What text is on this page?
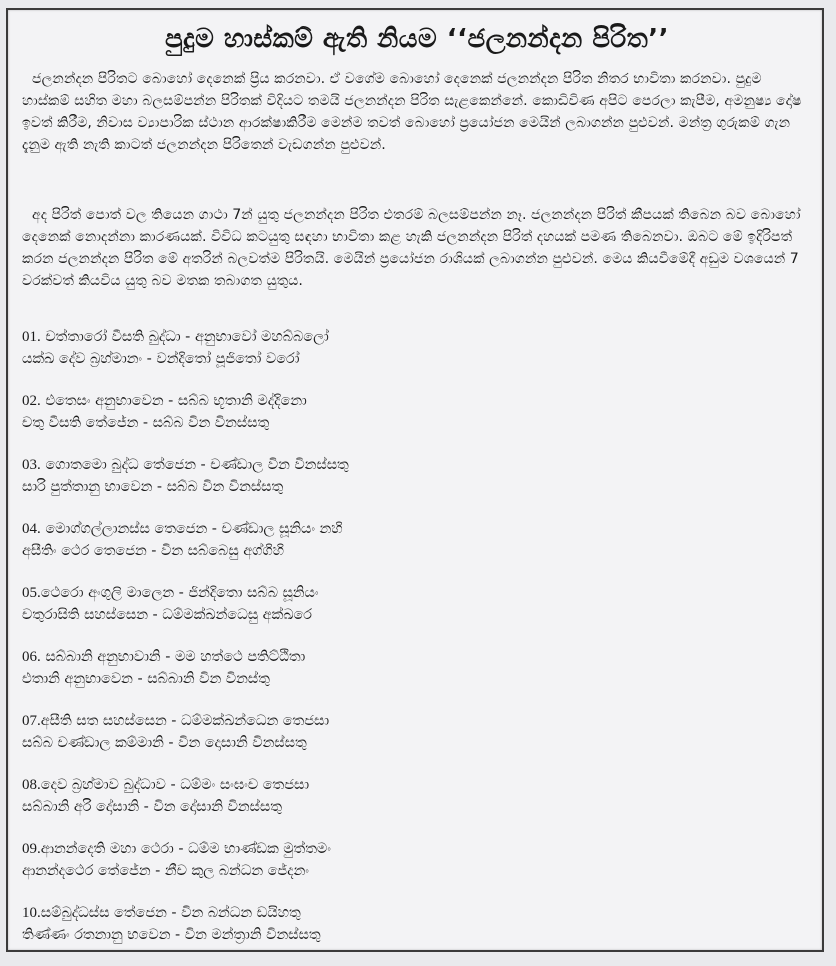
පුදුම හාස්කම් ඇති නියම ‘‘ජලනන්දන පිරිත’’
ජලනන්දන පිරිතට බොහෝ දෙනෙක් ප්‍රිය කරනවා. ඒ වගේම බොහෝ දෙනෙක් ජලනන්දන පිරිත නිතර භාවිතා කරනවා. පුදුම හාස්කම් සහිත මහා බලසම්පන්න පිරිතක් විදියට තමයි ජලනන්දන පිරිත සැළකෙන්නේ. කොඩිවිණ අපිට පෙරලා කැපීම, අමනුෂ්‍ය දෝෂ ඉවත් කිරීම, නිවාස ව්‍යාපාරික ස්ථාන ආරක්ෂාකිරීම මෙන්ම තවත් බොහෝ ප්‍රයෝජන මෙයින් ලබාගන්න පුළුවන්. මන්ත්‍ර ගුරුකම් ගැන දැනුම ඇති නැති කාටත් ජලනන්දන පිරිතෙන් වැඩගන්න පුළුවන්.
අද පිරිත් පොත් වල තියෙන ගාථා 7න් යුතු ජලනන්දන පිරිත එතරම් බලසම්පන්න නෑ. ජලනන්දන පිරිත් කීපයක් තිබෙන බව බොහෝ දෙනෙක් නොදන්නා කාරණයක්. විවිධ කටයුතු සඳහා භාවිතා කළ හැකි ජලනන්දන පිරිත් දහයක් පමණ තිබෙනවා. ඔබට මේ ඉදිරිපත් කරන ජලනන්දන පිරිත මේ අතරින් බලවත්ම පිරිතයි. මෙයින් ප්‍රයෝජන රාශියක් ලබාගන්න පුළුවන්. මෙය කියවීමේදී අඩුම වශයෙන් 7 වරක්වත් කියවිය යුතු බව මතක තබාගත යුතුය.
01. චත්තාරෝ වීසති බුද්ධා - අනුභාවෝ මහබ්බලෝ
යක්ඛ දේව බ්‍රහ්මානං - වන්දිතෝ පූජිතෝ වරෝ
02. එතෙසං අනුභාවෙන - සබ්බ භූතානි මද්දිනො
චතු වීසති තේජේන - සබ්බ වින විනස්සතු
03. ගොතමො බුද්ධ තේජෙන - චණ්ඩාල වින විනස්සතු
සාරි පුත්තානු භාවෙන - සබ්බ වින විනස්සතු
04. මොග්ගල්ලානස්ස තෙජෙන - චණ්ඩාල සූනියං නහි
අසීතිං ථෙර තෙජෙන - වින සබ්බෙසු අග්ගිහි
05.ථෙරො අංගුලි මාලෙන - ජින්දිතො සබ්බ සූනියං
චතුරාසිති සහස්සෙන - ධම්මක්ඛන්ධෙසු අක්ඛරෙ
06. සබ්බානි අනුභාවානි - මම හත්ථෙ පතිට්ඨිතා
එතානි අනුභාවෙන - සබ්බානි වින විනස්තු
07.අසීති සත සහස්සෙන - ධම්මක්ඛන්ධෙන තෙජසා
සබ්බ චණ්ඩාල කම්මානි - වින දොසානි විනස්සතු
08.දෙව බ්‍රහ්මාව බුද්ධාව - ධම්මං සංඝංච තෙජසා
සබ්බානි අරි දෝසානි - වින දෝසානි විනස්සතු
09.ආනන්දෙති මහා ථෙරා - ධම්ම භාණ්ඩක මුත්තමං
ආනන්දථෙර තේජේන - නීච කුල බන්ධන ජේදනං
10.සම්බුද්ධස්ස තේජෙන - වින බන්ධන ඩයිහතු
තිණ්ණං රතනානු භවෙන - වින මන්ත්‍රානි විනස්සතු
